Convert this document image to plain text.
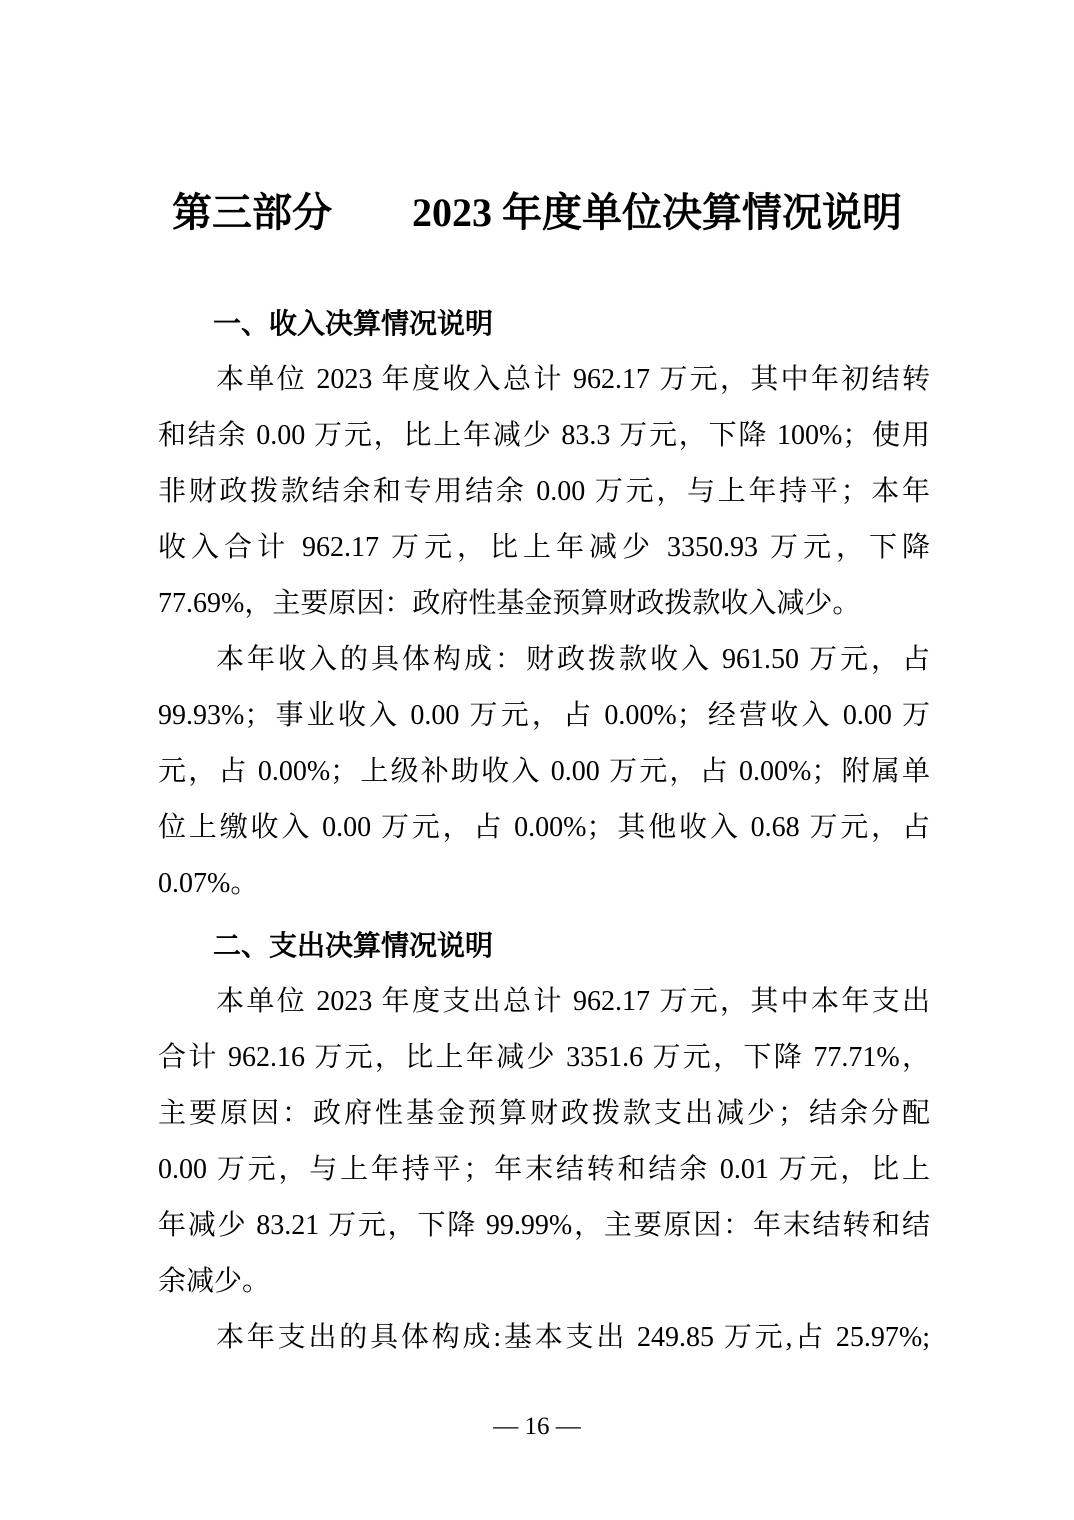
第三部分　　2023 年度单位决算情况说明
一、收入决算情况说明
本单位 2023 年度收入总计 962.17 万元，其中年初结转
和结余 0.00 万元，比上年减少 83.3 万元，下降 100%；使用
非财政拨款结余和专用结余 0.00 万元，与上年持平；本年
收入合计 962.17 万元，比上年减少 3350.93 万元，下降
77.69%，主要原因：政府性基金预算财政拨款收入减少。
本年收入的具体构成：财政拨款收入 961.50 万元，占
99.93%；事业收入 0.00 万元，占 0.00%；经营收入 0.00 万
元，占 0.00%；上级补助收入 0.00 万元，占 0.00%；附属单
位上缴收入 0.00 万元，占 0.00%；其他收入 0.68 万元，占
0.07%。
二、支出决算情况说明
本单位 2023 年度支出总计 962.17 万元，其中本年支出
合计 962.16 万元，比上年减少 3351.6 万元，下降 77.71%，
主要原因：政府性基金预算财政拨款支出减少；结余分配
0.00 万元，与上年持平；年末结转和结余 0.01 万元，比上
年减少 83.21 万元，下降 99.99%，主要原因：年末结转和结
余减少。
本年支出的具体构成:基本支出 249.85 万元,占 25.97%;
— 16 —
